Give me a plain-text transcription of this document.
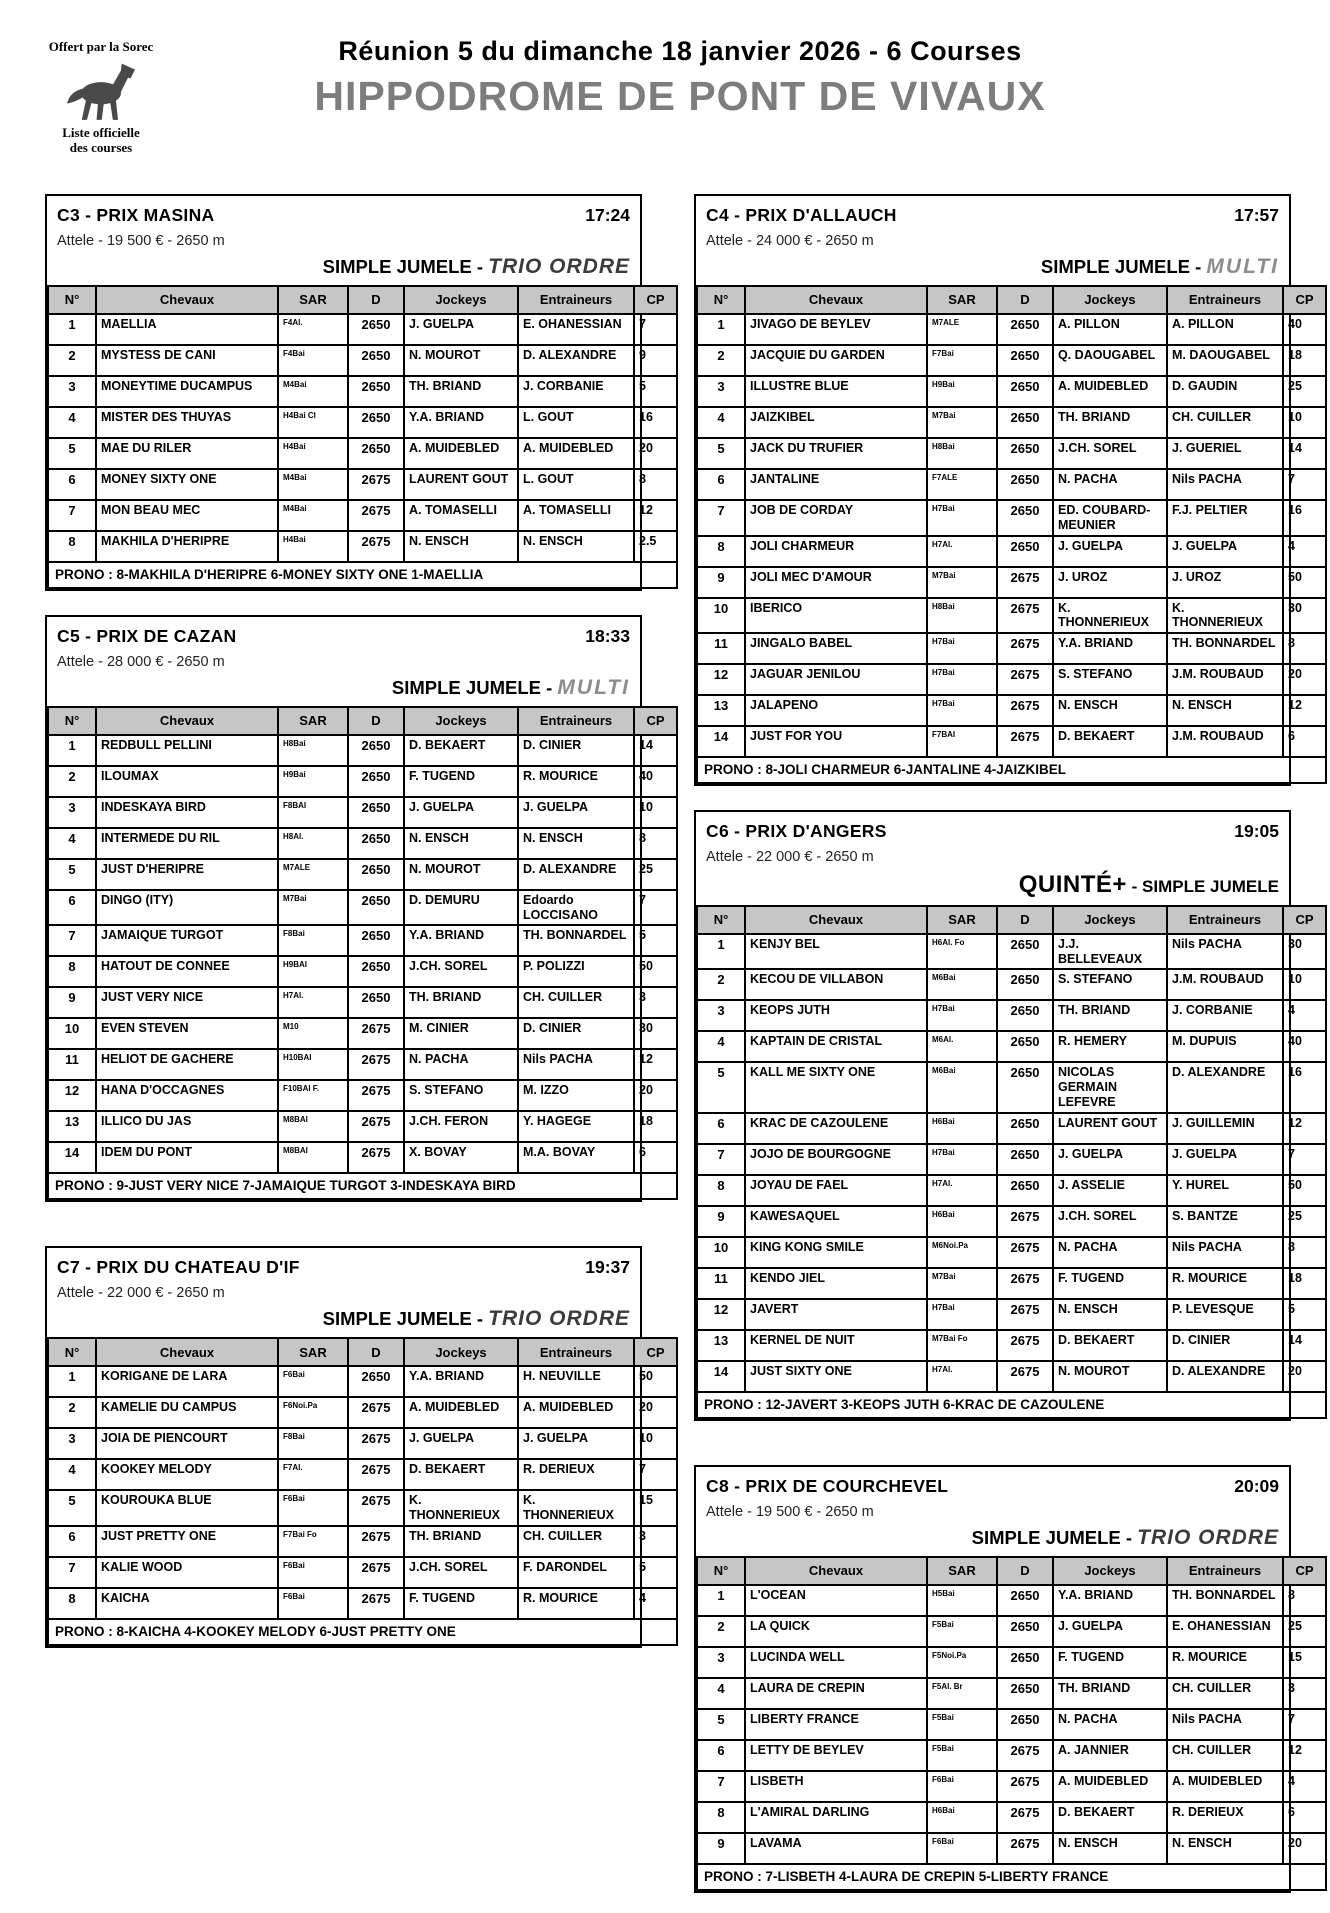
Offert par la Sorec
Liste officielle
des courses
Réunion 5 du dimanche 18 janvier 2026 - 6 Courses
HIPPODROME DE PONT DE VIVAUX
C3 - PRIX MASINA	17:24
Attele - 19 500 € - 2650 m
SIMPLE JUMELE - TRIO ORDRE
N°	Chevaux	SAR	D	Jockeys	Entraineurs	CP
1	MAELLIA	F4Al.	2650	J. GUELPA	E. OHANESSIAN	7
2	MYSTESS DE CANI	F4Bai	2650	N. MOUROT	D. ALEXANDRE	9
3	MONEYTIME DUCAMPUS	M4Bai	2650	TH. BRIAND	J. CORBANIE	5
4	MISTER DES THUYAS	H4Bai Cl	2650	Y.A. BRIAND	L. GOUT	16
5	MAE DU RILER	H4Bai	2650	A. MUIDEBLED	A. MUIDEBLED	20
6	MONEY SIXTY ONE	M4Bai	2675	LAURENT GOUT	L. GOUT	8
7	MON BEAU MEC	M4Bai	2675	A. TOMASELLI	A. TOMASELLI	12
8	MAKHILA D'HERIPRE	H4Bai	2675	N. ENSCH	N. ENSCH	2.5
PRONO : 8-MAKHILA D'HERIPRE 6-MONEY SIXTY ONE 1-MAELLIA						
C5 - PRIX DE CAZAN	18:33
Attele - 28 000 € - 2650 m
SIMPLE JUMELE - MULTI
N°	Chevaux	SAR	D	Jockeys	Entraineurs	CP
1	REDBULL PELLINI	H8Bai	2650	D. BEKAERT	D. CINIER	14
2	ILOUMAX	H9Bai	2650	F. TUGEND	R. MOURICE	40
3	INDESKAYA BIRD	F8BAI	2650	J. GUELPA	J. GUELPA	10
4	INTERMEDE DU RIL	H8Al.	2650	N. ENSCH	N. ENSCH	8
5	JUST D'HERIPRE	M7ALE	2650	N. MOUROT	D. ALEXANDRE	25
6	DINGO (ITY)	M7Bai	2650	D. DEMURU	Edoardo LOCCISANO	7
7	JAMAIQUE TURGOT	F8Bai	2650	Y.A. BRIAND	TH. BONNARDEL	5
8	HATOUT DE CONNEE	H9BAI	2650	J.CH. SOREL	P. POLIZZI	50
9	JUST VERY NICE	H7Al.	2650	TH. BRIAND	CH. CUILLER	3
10	EVEN STEVEN	M10	2675	M. CINIER	D. CINIER	30
11	HELIOT DE GACHERE	H10BAI	2675	N. PACHA	Nils PACHA	12
12	HANA D'OCCAGNES	F10BAI F.	2675	S. STEFANO	M. IZZO	20
13	ILLICO DU JAS	M8BAI	2675	J.CH. FERON	Y. HAGEGE	18
14	IDEM DU PONT	M8BAI	2675	X. BOVAY	M.A. BOVAY	6
PRONO : 9-JUST VERY NICE 7-JAMAIQUE TURGOT 3-INDESKAYA BIRD						
C7 - PRIX DU CHATEAU D'IF	19:37
Attele - 22 000 € - 2650 m
SIMPLE JUMELE - TRIO ORDRE
N°	Chevaux	SAR	D	Jockeys	Entraineurs	CP
1	KORIGANE DE LARA	F6Bai	2650	Y.A. BRIAND	H. NEUVILLE	50
2	KAMELIE DU CAMPUS	F6Noi.Pa	2675	A. MUIDEBLED	A. MUIDEBLED	20
3	JOIA DE PIENCOURT	F8Bai	2675	J. GUELPA	J. GUELPA	10
4	KOOKEY MELODY	F7Al.	2675	D. BEKAERT	R. DERIEUX	7
5	KOUROUKA BLUE	F6Bai	2675	K. THONNERIEUX	K. THONNERIEUX	15
6	JUST PRETTY ONE	F7Bai Fo	2675	TH. BRIAND	CH. CUILLER	3
7	KALIE WOOD	F6Bai	2675	J.CH. SOREL	F. DARONDEL	5
8	KAICHA	F6Bai	2675	F. TUGEND	R. MOURICE	4
PRONO : 8-KAICHA 4-KOOKEY MELODY 6-JUST PRETTY ONE						
C4 - PRIX D'ALLAUCH	17:57
Attele - 24 000 € - 2650 m
SIMPLE JUMELE - MULTI
N°	Chevaux	SAR	D	Jockeys	Entraineurs	CP
1	JIVAGO DE BEYLEV	M7ALE	2650	A. PILLON	A. PILLON	40
2	JACQUIE DU GARDEN	F7Bai	2650	Q. DAOUGABEL	M. DAOUGABEL	18
3	ILLUSTRE BLUE	H9Bai	2650	A. MUIDEBLED	D. GAUDIN	25
4	JAIZKIBEL	M7Bai	2650	TH. BRIAND	CH. CUILLER	10
5	JACK DU TRUFIER	H8Bai	2650	J.CH. SOREL	J. GUERIEL	14
6	JANTALINE	F7ALE	2650	N. PACHA	Nils PACHA	7
7	JOB DE CORDAY	H7Bai	2650	ED. COUBARD-MEUNIER	F.J. PELTIER	16
8	JOLI CHARMEUR	H7Al.	2650	J. GUELPA	J. GUELPA	4
9	JOLI MEC D'AMOUR	M7Bai	2675	J. UROZ	J. UROZ	50
10	IBERICO	H8Bai	2675	K. THONNERIEUX	K. THONNERIEUX	30
11	JINGALO BABEL	H7Bai	2675	Y.A. BRIAND	TH. BONNARDEL	8
12	JAGUAR JENILOU	H7Bai	2675	S. STEFANO	J.M. ROUBAUD	20
13	JALAPENO	H7Bai	2675	N. ENSCH	N. ENSCH	12
14	JUST FOR YOU	F7BAI	2675	D. BEKAERT	J.M. ROUBAUD	6
PRONO : 8-JOLI CHARMEUR 6-JANTALINE 4-JAIZKIBEL						
C6 - PRIX D'ANGERS	19:05
Attele - 22 000 € - 2650 m
QUINTÉ+ - SIMPLE JUMELE
N°	Chevaux	SAR	D	Jockeys	Entraineurs	CP
1	KENJY BEL	H6Al. Fo	2650	J.J. BELLEVEAUX	Nils PACHA	30
2	KECOU DE VILLABON	M6Bai	2650	S. STEFANO	J.M. ROUBAUD	10
3	KEOPS JUTH	H7Bai	2650	TH. BRIAND	J. CORBANIE	4
4	KAPTAIN DE CRISTAL	M6Al.	2650	R. HEMERY	M. DUPUIS	40
5	KALL ME SIXTY ONE	M6Bai	2650	NICOLAS GERMAIN LEFEVRE	D. ALEXANDRE	16
6	KRAC DE CAZOULENE	H6Bai	2650	LAURENT GOUT	J. GUILLEMIN	12
7	JOJO DE BOURGOGNE	H7Bai	2650	J. GUELPA	J. GUELPA	7
8	JOYAU DE FAEL	H7Al.	2650	J. ASSELIE	Y. HUREL	50
9	KAWESAQUEL	H6Bai	2675	J.CH. SOREL	S. BANTZE	25
10	KING KONG SMILE	M6Noi.Pa	2675	N. PACHA	Nils PACHA	8
11	KENDO JIEL	M7Bai	2675	F. TUGEND	R. MOURICE	18
12	JAVERT	H7Bai	2675	N. ENSCH	P. LEVESQUE	5
13	KERNEL DE NUIT	M7Bai Fo	2675	D. BEKAERT	D. CINIER	14
14	JUST SIXTY ONE	H7Al.	2675	N. MOUROT	D. ALEXANDRE	20
PRONO : 12-JAVERT 3-KEOPS JUTH 6-KRAC DE CAZOULENE						
C8 - PRIX DE COURCHEVEL	20:09
Attele - 19 500 € - 2650 m
SIMPLE JUMELE - TRIO ORDRE
N°	Chevaux	SAR	D	Jockeys	Entraineurs	CP
1	L'OCEAN	H5Bai	2650	Y.A. BRIAND	TH. BONNARDEL	8
2	LA QUICK	F5Bai	2650	J. GUELPA	E. OHANESSIAN	25
3	LUCINDA WELL	F5Noi.Pa	2650	F. TUGEND	R. MOURICE	15
4	LAURA DE CREPIN	F5Al. Br	2650	TH. BRIAND	CH. CUILLER	3
5	LIBERTY FRANCE	F5Bai	2650	N. PACHA	Nils PACHA	7
6	LETTY DE BEYLEV	F5Bai	2675	A. JANNIER	CH. CUILLER	12
7	LISBETH	F6Bai	2675	A. MUIDEBLED	A. MUIDEBLED	4
8	L'AMIRAL DARLING	H6Bai	2675	D. BEKAERT	R. DERIEUX	6
9	LAVAMA	F6Bai	2675	N. ENSCH	N. ENSCH	20
PRONO : 7-LISBETH 4-LAURA DE CREPIN 5-LIBERTY FRANCE						
